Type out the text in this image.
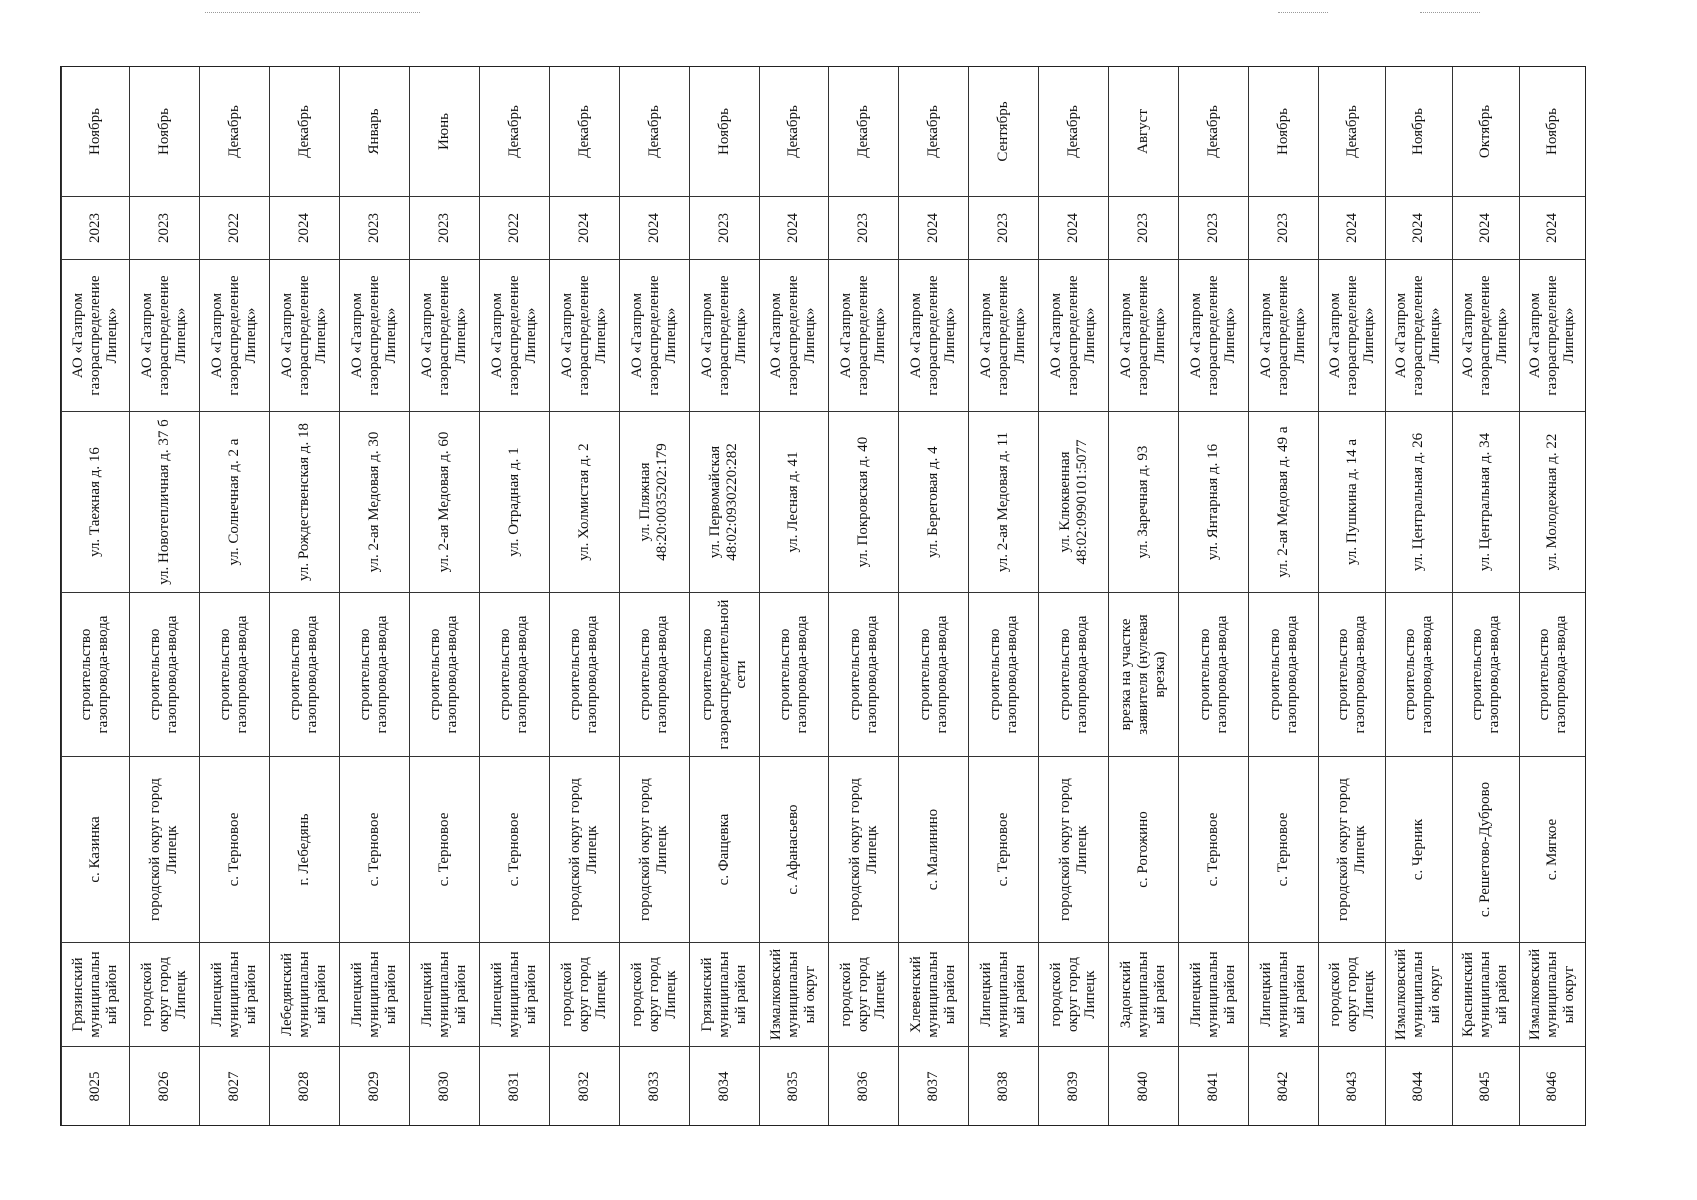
8025	Грязинский муниципальный район	с. Казинка	строительство газопровода-ввода	ул. Таежная д. 16	АО «Газпром газораспределение Липецк»	2023	Ноябрь
8026	городской округ город Липецк	городской округ город Липецк	строительство газопровода-ввода	ул. Новотепличная д. 37 б	АО «Газпром газораспределение Липецк»	2023	Ноябрь
8027	Липецкий муниципальный район	с. Терновое	строительство газопровода-ввода	ул. Солнечная д. 2 а	АО «Газпром газораспределение Липецк»	2022	Декабрь
8028	Лебедянский муниципальный район	г. Лебедянь	строительство газопровода-ввода	ул. Рождественская д. 18	АО «Газпром газораспределение Липецк»	2024	Декабрь
8029	Липецкий муниципальный район	с. Терновое	строительство газопровода-ввода	ул. 2-ая Медовая д. 30	АО «Газпром газораспределение Липецк»	2023	Январь
8030	Липецкий муниципальный район	с. Терновое	строительство газопровода-ввода	ул. 2-ая Медовая д. 60	АО «Газпром газораспределение Липецк»	2023	Июнь
8031	Липецкий муниципальный район	с. Терновое	строительство газопровода-ввода	ул. Отрадная д. 1	АО «Газпром газораспределение Липецк»	2022	Декабрь
8032	городской округ город Липецк	городской округ город Липецк	строительство газопровода-ввода	ул. Холмистая д. 2	АО «Газпром газораспределение Липецк»	2024	Декабрь
8033	городской округ город Липецк	городской округ город Липецк	строительство газопровода-ввода	ул. Пляжная 48:20:0035202:179	АО «Газпром газораспределение Липецк»	2024	Декабрь
8034	Грязинский муниципальный район	с. Фащевка	строительство газораспределительной сети	ул. Первомайская 48:02:0930220:282	АО «Газпром газораспределение Липецк»	2023	Ноябрь
8035	Измалковский муниципальный округ	с. Афанасьево	строительство газопровода-ввода	ул. Лесная д. 41	АО «Газпром газораспределение Липецк»	2024	Декабрь
8036	городской округ город Липецк	городской округ город Липецк	строительство газопровода-ввода	ул. Покровская д. 40	АО «Газпром газораспределение Липецк»	2023	Декабрь
8037	Хлевенский муниципальный район	с. Малинино	строительство газопровода-ввода	ул. Береговая д. 4	АО «Газпром газораспределение Липецк»	2024	Декабрь
8038	Липецкий муниципальный район	с. Терновое	строительство газопровода-ввода	ул. 2-ая Медовая д. 11	АО «Газпром газораспределение Липецк»	2023	Сентябрь
8039	городской округ город Липецк	городской округ город Липецк	строительство газопровода-ввода	ул. Клюквенная 48:02:0990101:5077	АО «Газпром газораспределение Липецк»	2024	Декабрь
8040	Задонский муниципальный район	с. Рогожино	врезка на участке заявителя (нулевая врезка)	ул. Заречная д. 93	АО «Газпром газораспределение Липецк»	2023	Август
8041	Липецкий муниципальный район	с. Терновое	строительство газопровода-ввода	ул. Янтарная д. 16	АО «Газпром газораспределение Липецк»	2023	Декабрь
8042	Липецкий муниципальный район	с. Терновое	строительство газопровода-ввода	ул. 2-ая Медовая д. 49 а	АО «Газпром газораспределение Липецк»	2023	Ноябрь
8043	городской округ город Липецк	городской округ город Липецк	строительство газопровода-ввода	ул. Пушкина д. 14 а	АО «Газпром газораспределение Липецк»	2024	Декабрь
8044	Измалковский муниципальный округ	с. Черник	строительство газопровода-ввода	ул. Центральная д. 26	АО «Газпром газораспределение Липецк»	2024	Ноябрь
8045	Краснинский муниципальный район	с. Решетово-Дуброво	строительство газопровода-ввода	ул. Центральная д. 34	АО «Газпром газораспределение Липецк»	2024	Октябрь
8046	Измалковский муниципальный округ	с. Мягкое	строительство газопровода-ввода	ул. Молодежная д. 22	АО «Газпром газораспределение Липецк»	2024	Ноябрь
